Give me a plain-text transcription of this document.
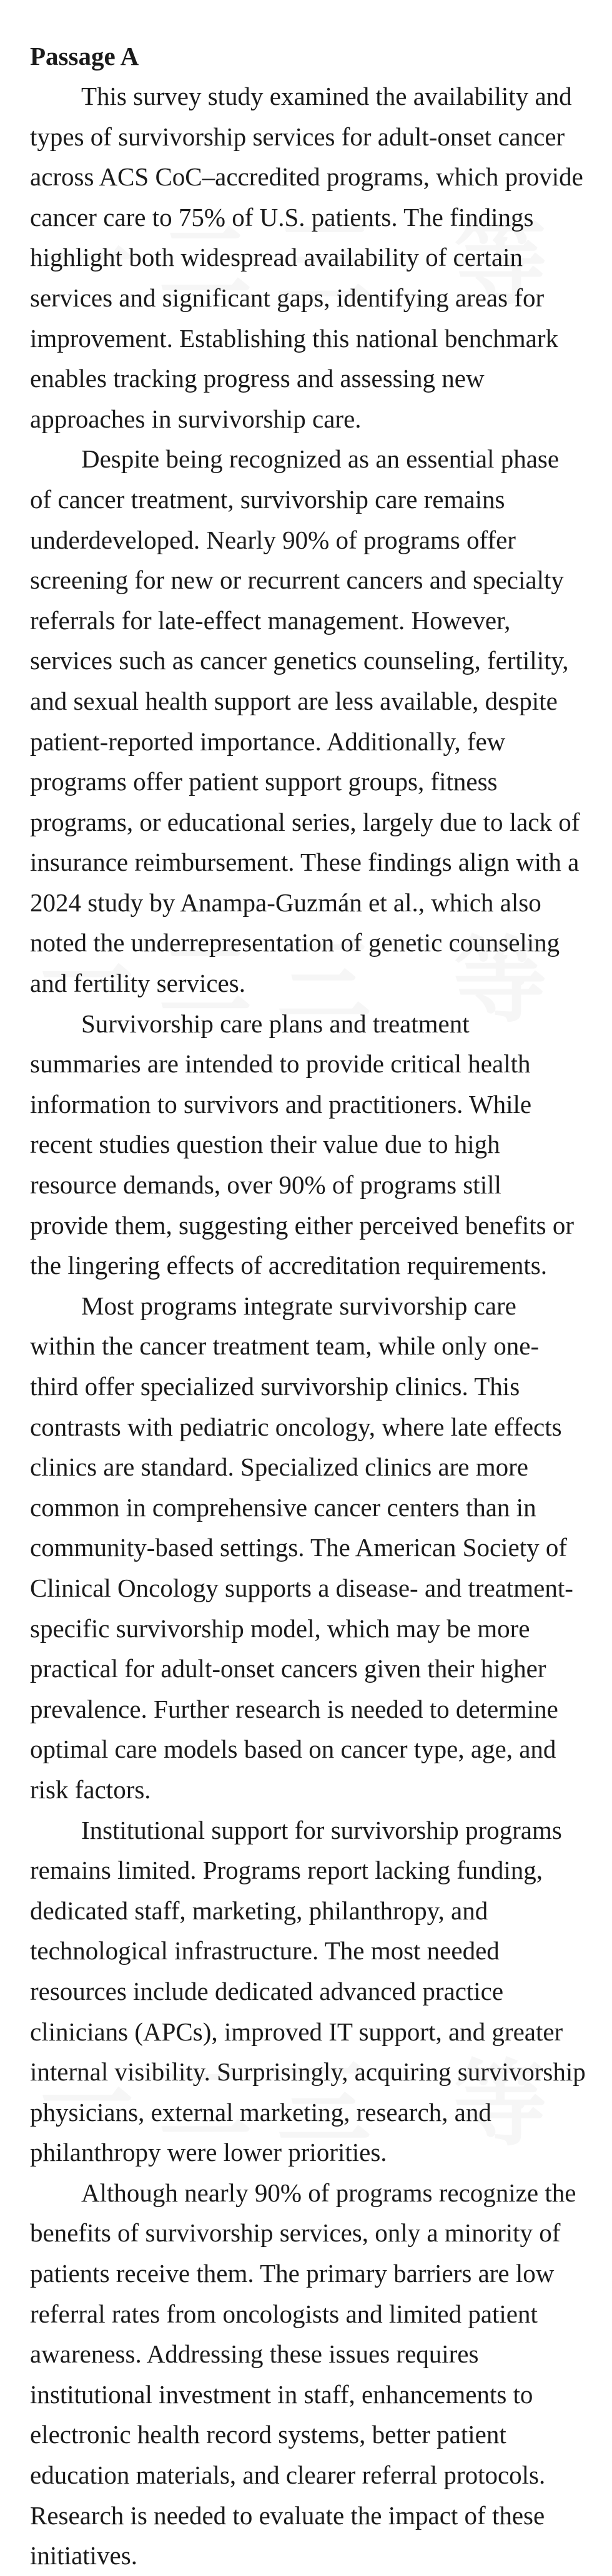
Passage A

This survey study examined the availability and types of survivorship services for adult-onset cancer across ACS CoC–accredited programs, which provide cancer care to 75% of U.S. patients. The findings highlight both widespread availability of certain services and significant gaps, identifying areas for improvement. Establishing this national benchmark enables tracking progress and assessing new approaches in survivorship care.

Despite being recognized as an essential phase of cancer treatment, survivorship care remains underdeveloped. Nearly 90% of programs offer screening for new or recurrent cancers and specialty referrals for late-effect management. However, services such as cancer genetics counseling, fertility, and sexual health support are less available, despite patient-reported importance. Additionally, few programs offer patient support groups, fitness programs, or educational series, largely due to lack of insurance reimbursement. These findings align with a 2024 study by Anampa-Guzmán et al., which also noted the underrepresentation of genetic counseling and fertility services.

Survivorship care plans and treatment summaries are intended to provide critical health information to survivors and practitioners. While recent studies question their value due to high resource demands, over 90% of programs still provide them, suggesting either perceived benefits or the lingering effects of accreditation requirements.

Most programs integrate survivorship care within the cancer treatment team, while only one-third offer specialized survivorship clinics. This contrasts with pediatric oncology, where late effects clinics are standard. Specialized clinics are more common in comprehensive cancer centers than in community-based settings. The American Society of Clinical Oncology supports a disease- and treatment-specific survivorship model, which may be more practical for adult-onset cancers given their higher prevalence. Further research is needed to determine optimal care models based on cancer type, age, and risk factors.

Institutional support for survivorship programs remains limited. Programs report lacking funding, dedicated staff, marketing, philanthropy, and technological infrastructure. The most needed resources include dedicated advanced practice clinicians (APCs), improved IT support, and greater internal visibility. Surprisingly, acquiring survivorship physicians, external marketing, research, and philanthropy were lower priorities.

Although nearly 90% of programs recognize the benefits of survivorship services, only a minority of patients receive them. The primary barriers are low referral rates from oncologists and limited patient awareness. Addressing these issues requires institutional investment in staff, enhancements to electronic health record systems, better patient education materials, and clearer referral protocols. Research is needed to evaluate the impact of these initiatives.
